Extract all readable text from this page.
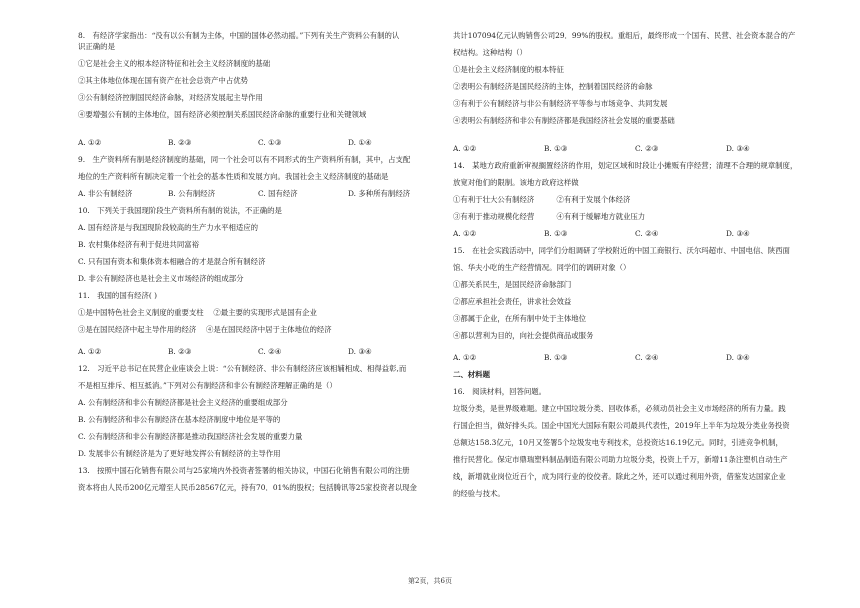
8.　有经济学家指出：“没有以公有制为主体，中国的国体必然动摇。”下列有关生产资料公有制的认
识正确的是
①它是社会主义的根本经济特征和社会主义经济制度的基础
②其主体地位体现在国有资产在社会总资产中占优势
③公有制经济控制国民经济命脉，对经济发展起主导作用
④要增强公有制的主体地位，国有经济必须控制关系国民经济命脉的重要行业和关键领域
A. ①②	B. ②③	C. ①③	D. ①④
9.　生产资料所有制是经济制度的基础，同一个社会可以有不同形式的生产资料所有制，其中，占支配
地位的生产资料所有制决定着一个社会的基本性质和发展方向。我国社会主义经济制度的基础是
A. 非公有制经济	B. 公有制经济	C. 国有经济	D. 多种所有制经济
10.　下列关于我国现阶段生产资料所有制的说法，不正确的是
A. 国有经济是与我国现阶段较高的生产力水平相适应的
B. 农村集体经济有利于促进共同富裕
C. 只有国有资本和集体资本相融合的才是混合所有制经济
D. 非公有制经济也是社会主义市场经济的组成部分
11.　我国的国有经济( )
①是中国特色社会主义制度的重要支柱　 ②最主要的实现形式是国有企业
③是在国民经济中起主导作用的经济　 ④是在国民经济中居于主体地位的经济
A. ①②	B. ②③	C. ②④	D. ③④
12.　习近平总书记在民营企业座谈会上说：“公有制经济、非公有制经济应该相辅相成、相得益彰,而
不是相互排斥、相互抵消。”下列对公有制经济和非公有制经济理解正确的是（）
A. 公有制经济和非公有制经济都是社会主义经济的重要组成部分
B. 公有制经济和非公有制经济在基本经济制度中地位是平等的
C. 公有制经济和非公有制经济都是推动我国经济社会发展的重要力量
D. 发展非公有制经济是为了更好地发挥公有制经济的主导作用
13.　按照中国石化销售有限公司与25家境内外投资者签署的相关协议，中国石化销售有限公司的注册
资本将由人民币200亿元增至人民币28567亿元，持有70．01%的股权；包括腾讯等25家投资者以现金
共计107094亿元认购销售公司29．99%的股权。重组后，最终形成一个国有、民营、社会资本混合的产
权结构。这种结构（）
①是社会主义经济制度的根本特征
②表明公有制经济是国民经济的主体，控制着国民经济的命脉
③有利于公有制经济与非公有制经济平等参与市场竞争、共同发展
④表明公有制经济和非公有制经济都是我国经济社会发展的重要基础
A. ①②	B. ①③	C. ②③	D. ③④
14.　某地方政府重新审视搁置经济的作用，划定区域和时段让小摊贩有序经营；清理不合理的规章制度，
放宽对他们的限制。该地方政府这样做
①有利于壮大公有制经济　　　②有利于发展个体经济
③有利于推动规模化经营　　　④有利于缓解地方就业压力
A. ①②	B. ①③	C. ②④	D. ③④
15.　在社会实践活动中，同学们分组调研了学校附近的中国工商银行、沃尔玛超市、中国电信、陕西面
馆、华夫小吃的生产经营情况。同学们的调研对象（）
①都关系民生，是国民经济命脉部门
②都应承担社会责任，讲求社会效益
③都属于企业，在所有制中处于主体地位
④都以营利为目的，向社会提供商品或服务
A. ①②	B. ①③	C. ②④	D. ③④
二、材料题
16.　阅读材料，回答问题。
垃圾分类，是世界级难题。建立中国垃圾分类、回收体系，必须动员社会主义市场经济的所有力量。践
行国企担当，做好排头兵。国企中国光大国际有限公司最具代表性，2019年上半年为垃圾分类业务投资
总额达158.3亿元，10月又签署5个垃圾发电专利技术，总投资达16.19亿元。同时，引进竞争机制，
推行民营化。保定市鼎瑞塑料制品制造有限公司助力垃圾分类，投资上千万，新增11条注塑机自动生产
线，新增就业岗位近百个，成为同行业的佼佼者。除此之外，还可以通过利用外资，借鉴发达国家企业
的经验与技术。
第2页，共6页
